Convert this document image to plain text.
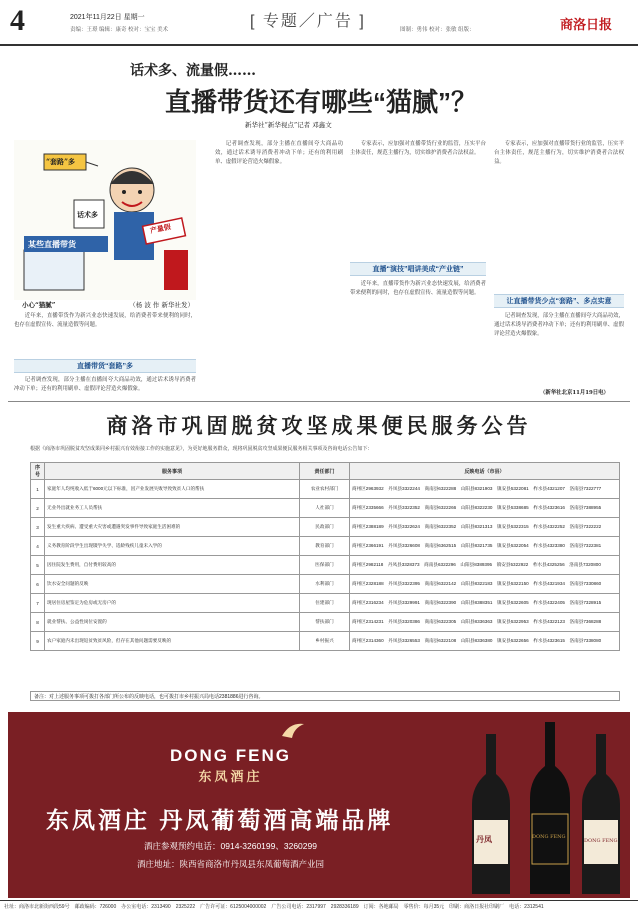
4	2021年11月22日 星期一
责编：王璟 编辑：康奇 校对：宝宝 美术	[ 专题／广告 ]	图制：勇伟 校对：张敏 组版：	商洛日报
话术多、流量假……
直播带货还有哪些“猫腻”？
新华社“新华视点”记者 邓鑫文
“套路”多
话术多
产量假
某些直播带货
小心“猫腻”	（杨 波 作 新华社发）

近年来，直播带货作为新兴业态快速发展，给消费者带来便利的同时，也存在虚假宣传、流量造假等问题。

直播带货“套路”多

记者调查发现，部分主播在直播间夸大商品功效，通过话术诱导消费者冲动下单；还有的利用刷单、虚假评论营造火爆假象。

记者调查发现，部分主播在直播间夸大商品功效，通过话术诱导消费者冲动下单；还有的利用刷单、虚假评论营造火爆假象。

专家表示，应加强对直播带货行业的监管，压实平台主体责任，规范主播行为，切实维护消费者合法权益。

直播“演技”唱讲美成“产业链”

近年来，直播带货作为新兴业态快速发展，给消费者带来便利的同时，也存在虚假宣传、流量造假等问题。

专家表示，应加强对直播带货行业的监管，压实平台主体责任，规范主播行为，切实维护消费者合法权益。

让直播带货少点“套路”、多点实意

记者调查发现，部分主播在直播间夸大商品功效，通过话术诱导消费者冲动下单；还有的利用刷单、虚假评论营造火爆假象。

（新华社北京11月19日电）
商洛市巩固脱贫攻坚成果便民服务公告
根据《商洛市巩固脱贫攻坚成果同乡村振兴有效衔接工作的实施意见》，为更好地服务群众，现将巩固脱贫攻坚成果便民服务相关事项及咨询电话公告如下：
序号	服务事项	责任部门	反映电话（市县）
1	家庭年人均纯收入低于6000元以下标准，因产业发展失败导致致贫人口的帮扶	农业农村部门	商州区2963932　丹凤县3322244　商南县6322288　山阳县8321903　镇安县5322081　柞水县4321207　洛南县7322777
2	无业外出就业务工人员帮扶	人社部门	商州区2335666　丹凤县3322352　商南县6322266　山阳县8322230　镇安县5338685　柞水县4323616　洛南县7388955
3	发生重大疾病、遭受重大灾害或遭遇突发事件导致家庭生活困难的	民政部门	商州区2388189　丹凤县3322624　商南县6322352　山阳县8321313　镇安县5322315　柞水县4322252　洛南县7322222
4	义务教育阶段学生出现辍学失学、适龄残疾儿童未入学的	教育部门	商州区2366191　丹凤县3326608　商南县6362515　山阳县8321735　镇安县5322054　柞水县4323380　洛南县7322381
5	因住院发生费用，自付费用较高的	医保部门	商州区2982118　丹凤县3328373　商南县6322296　山阳县8389395　镇安县5322922　柞水县4325256　洛南县7320800
6	饮水安全问题的反映	水利部门	商州区2328188　丹凤县3322395　商南县6322142　山阳县8322183　镇安县5322150　柞水县4321934　洛南县7330860
7	现居住房屋鉴定为危房或无房户的	住建部门	商州区2316234　丹凤县3329991　商南县6322390　山阳县8388351　镇安县5322605　柞水县4322405　洛南县7328915
8	就业帮扶、公益性岗位安置的	帮扶部门	商州区2314231　丹凤县3320386　商南县6322305　山阳县8336363　镇安县5322953　柞水县4322123　洛南县7368288
9	农户家庭内未出现返贫致贫风险，但存在其他问题需要反映的	乡村振兴	商州区2314360　丹凤县3326553　商南县6322108　山阳县8336380　镇安县5322656　柞水县4323615　洛南县7338080
备注：对上述服务事项可拨打各部门所公布的反映电话，也可拨打市乡村振兴局电话2381886进行咨询。
DONG FENG
东凤酒庄
东凤酒庄 丹凤葡萄酒高端品牌
酒庄参观预约电话：0914-3260199、3260299
酒庄地址：陕西省商洛市丹凤县东凤葡萄酒产业园
丹凤	DONG FENG
DONG FENG
社址：商洛市北新街西段59号　邮政编码：726000　办公室电话：2313490　2325222　广告许可证：6125004000002　广告公司电话：2317997　2928336189　订阅：各地邮局　零售价：每月35元　印刷：商洛日报社印刷厂　电话：2312541
